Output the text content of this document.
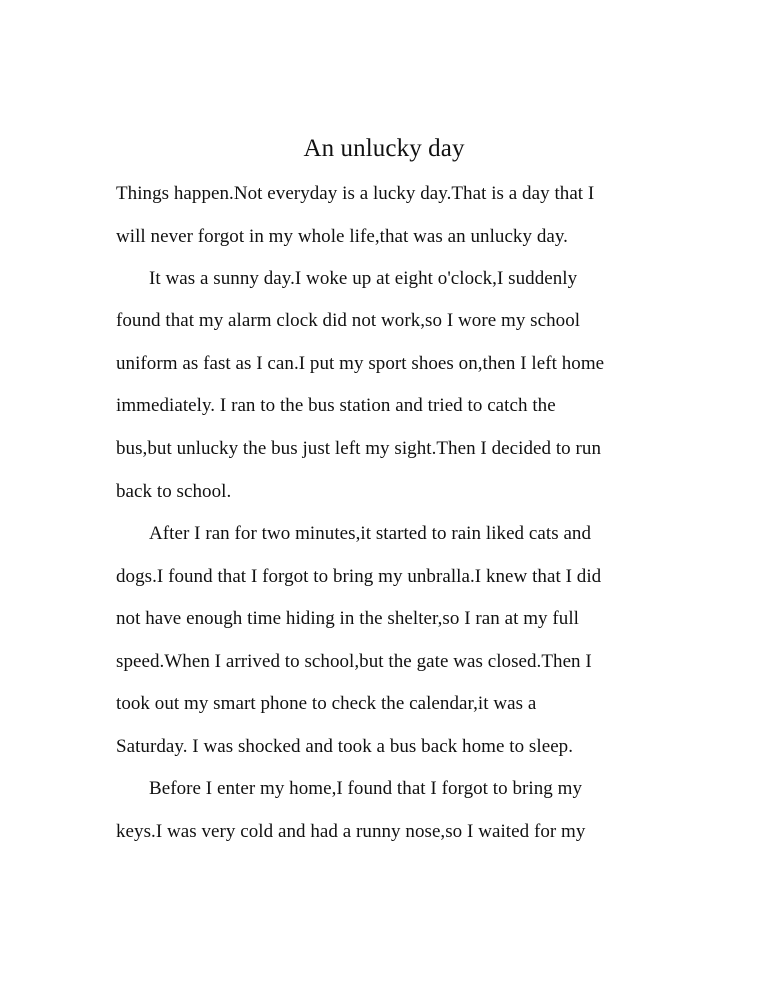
An unlucky day
Things happen.Not everyday is a lucky day.That is a day that I
will never forgot in my whole life,that was an unlucky day.
It was a sunny day.I woke up at eight o'clock,I suddenly
found that my alarm clock did not work,so I wore my school
uniform as fast as I can.I put my sport shoes on,then I left home
immediately. I ran to the bus station and tried to catch the
bus,but unlucky the bus just left my sight.Then I decided to run
back to school.
After I ran for two minutes,it started to rain liked cats and
dogs.I found that I forgot to bring my unbralla.I knew that I did
not have enough time hiding in the shelter,so I ran at my full
speed.When I arrived to school,but the gate was closed.Then I
took out my smart phone to check the calendar,it was a
Saturday. I was shocked and took a bus back home to sleep.
Before I enter my home,I found that I forgot to bring my
keys.I was very cold and had a runny nose,so I waited for my
